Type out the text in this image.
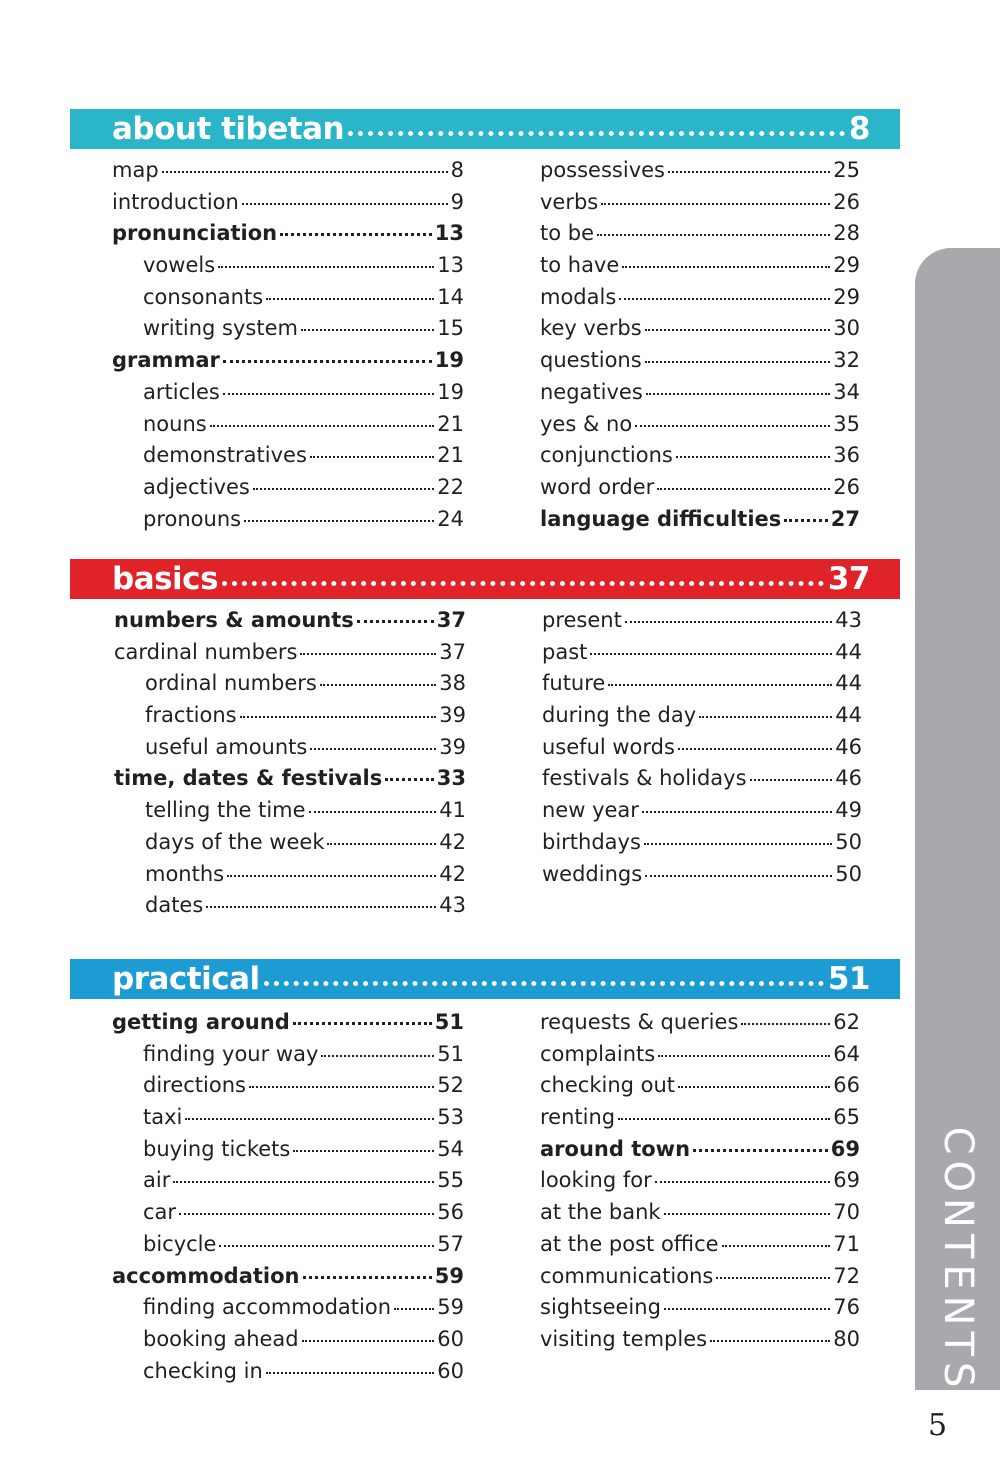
about tibetan	8
map	8
introduction	9
pronunciation	13
vowels	13
consonants	14
writing system	15
grammar	19
articles	19
nouns	21
demonstratives	21
adjectives	22
pronouns	24
possessives	25
verbs	26
to be	28
to have	29
modals	29
key verbs	30
questions	32
negatives	34
yes & no	35
conjunctions	36
word order	26
language difficulties 27
basics	37
numbers & amounts	37
cardinal numbers	37
ordinal numbers	38
fractions	39
useful amounts	39
time, dates & festivals	33
telling the time	41
days of the week	42
months	42
dates	43
present	43
past	44
future	44
during the day	44
useful words	46
festivals & holidays	46
new year	49
birthdays	50
weddings	50
practical	51
getting around	51
finding your way	51
directions	52
taxi	53
buying tickets	54
air	55
car	56
bicycle	57
accommodation	59
finding accommodation 59
booking ahead	60
checking in	60
requests & queries	62
complaints	64
checking out	66
renting	65
around town	69
looking for	69
at the bank	70
at the post office	71
communications	72
sightseeing	76
visiting temples	80 CONTENTS
5
